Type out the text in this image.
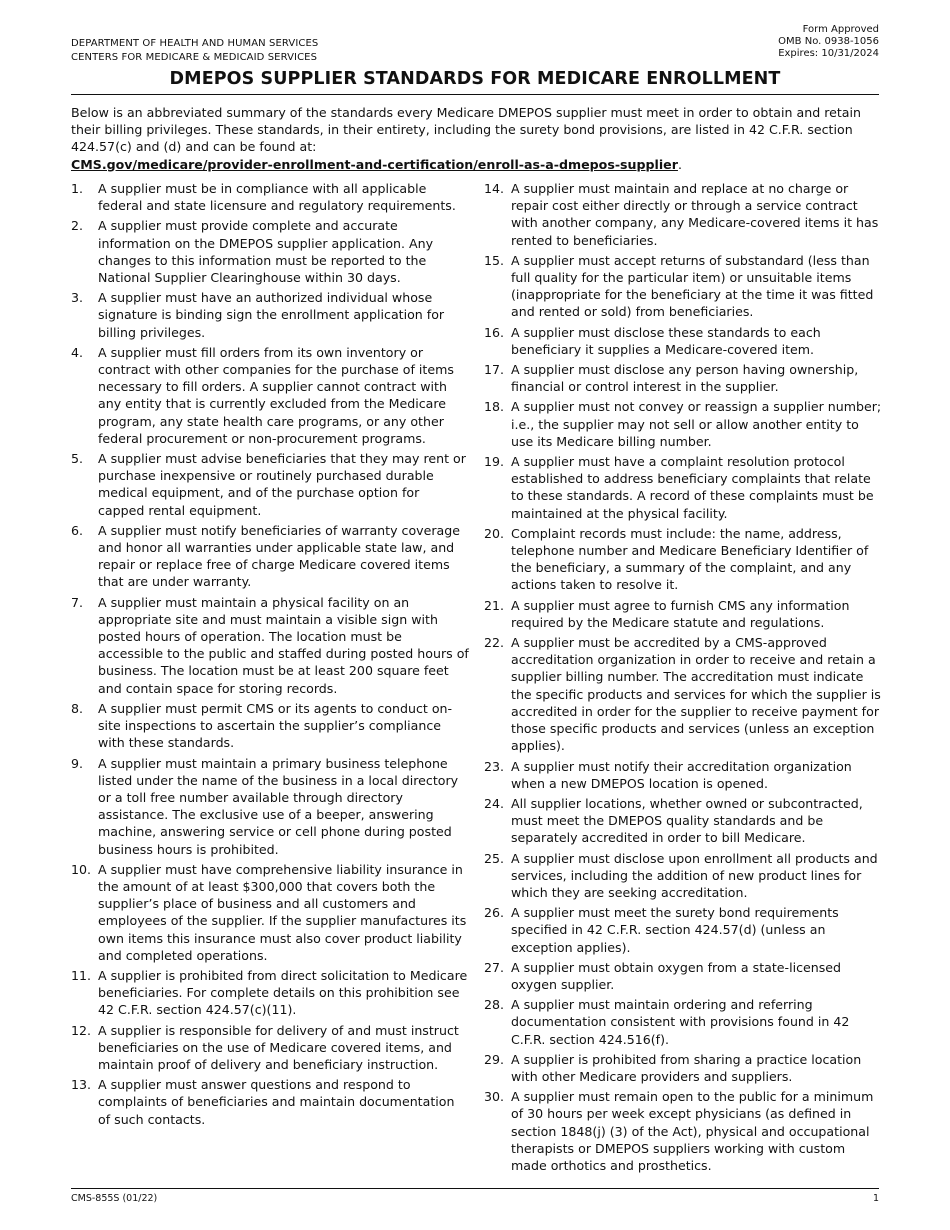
DEPARTMENT OF HEALTH AND HUMAN SERVICES
CENTERS FOR MEDICARE & MEDICAID SERVICES
Form Approved
OMB No. 0938-1056
Expires: 10/31/2024
DMEPOS SUPPLIER STANDARDS FOR MEDICARE ENROLLMENT
Below is an abbreviated summary of the standards every Medicare DMEPOS supplier must meet in order to obtain and retain their billing privileges. These standards, in their entirety, including the surety bond provisions, are listed in 42 C.F.R. section 424.57(c) and (d) and can be found at:
CMS.gov/medicare/provider-enrollment-and-certification/enroll-as-a-dmepos-supplier.
1.	A supplier must be in compliance with all applicable federal and state licensure and regulatory requirements.
2.	A supplier must provide complete and accurate information on the DMEPOS supplier application. Any changes to this information must be reported to the National Supplier Clearinghouse within 30 days.
3.	A supplier must have an authorized individual whose signature is binding sign the enrollment application for billing privileges.
4.	A supplier must fill orders from its own inventory or contract with other companies for the purchase of items necessary to fill orders. A supplier cannot contract with any entity that is currently excluded from the Medicare program, any state health care programs, or any other federal procurement or non-procurement programs.
5.	A supplier must advise beneficiaries that they may rent or purchase inexpensive or routinely purchased durable medical equipment, and of the purchase option for capped rental equipment.
6.	A supplier must notify beneficiaries of warranty coverage and honor all warranties under applicable state law, and repair or replace free of charge Medicare covered items that are under warranty.
7.	A supplier must maintain a physical facility on an appropriate site and must maintain a visible sign with posted hours of operation. The location must be accessible to the public and staffed during posted hours of business. The location must be at least 200 square feet and contain space for storing records.
8.	A supplier must permit CMS or its agents to conduct on-site inspections to ascertain the supplier’s compliance with these standards.
9.	A supplier must maintain a primary business telephone listed under the name of the business in a local directory or a toll free number available through directory assistance. The exclusive use of a beeper, answering machine, answering service or cell phone during posted business hours is prohibited.
10. A supplier must have comprehensive liability insurance in the amount of at least $300,000 that covers both the supplier’s place of business and all customers and employees of the supplier. If the supplier manufactures its own items this insurance must also cover product liability and completed operations.
11. A supplier is prohibited from direct solicitation to Medicare beneficiaries. For complete details on this prohibition see 42 C.F.R. section 424.57(c)(11).
12. A supplier is responsible for delivery of and must instruct beneficiaries on the use of Medicare covered items, and maintain proof of delivery and beneficiary instruction.
13. A supplier must answer questions and respond to complaints of beneficiaries and maintain documentation of such contacts.
14. A supplier must maintain and replace at no charge or repair cost either directly or through a service contract with another company, any Medicare-covered items it has rented to beneficiaries.
15. A supplier must accept returns of substandard (less than full quality for the particular item) or unsuitable items (inappropriate for the beneficiary at the time it was fitted and rented or sold) from beneficiaries.
16. A supplier must disclose these standards to each beneficiary it supplies a Medicare-covered item.
17. A supplier must disclose any person having ownership, financial or control interest in the supplier.
18. A supplier must not convey or reassign a supplier number; i.e., the supplier may not sell or allow another entity to use its Medicare billing number.
19. A supplier must have a complaint resolution protocol established to address beneficiary complaints that relate to these standards. A record of these complaints must be maintained at the physical facility.
20. Complaint records must include: the name, address, telephone number and Medicare Beneficiary Identifier of the beneficiary, a summary of the complaint, and any actions taken to resolve it.
21. A supplier must agree to furnish CMS any information required by the Medicare statute and regulations.
22. A supplier must be accredited by a CMS-approved accreditation organization in order to receive and retain a supplier billing number. The accreditation must indicate the specific products and services for which the supplier is accredited in order for the supplier to receive payment for those specific products and services (unless an exception applies).
23. A supplier must notify their accreditation organization when a new DMEPOS location is opened.
24. All supplier locations, whether owned or subcontracted, must meet the DMEPOS quality standards and be separately accredited in order to bill Medicare.
25. A supplier must disclose upon enrollment all products and services, including the addition of new product lines for which they are seeking accreditation.
26. A supplier must meet the surety bond requirements specified in 42 C.F.R. section 424.57(d) (unless an exception applies).
27. A supplier must obtain oxygen from a state-licensed oxygen supplier.
28. A supplier must maintain ordering and referring documentation consistent with provisions found in 42 C.F.R. section 424.516(f).
29. A supplier is prohibited from sharing a practice location with other Medicare providers and suppliers.
30. A supplier must remain open to the public for a minimum of 30 hours per week except physicians (as defined in section 1848(j) (3) of the Act), physical and occupational therapists or DMEPOS suppliers working with custom made orthotics and prosthetics.
CMS-855S (01/22)	1
